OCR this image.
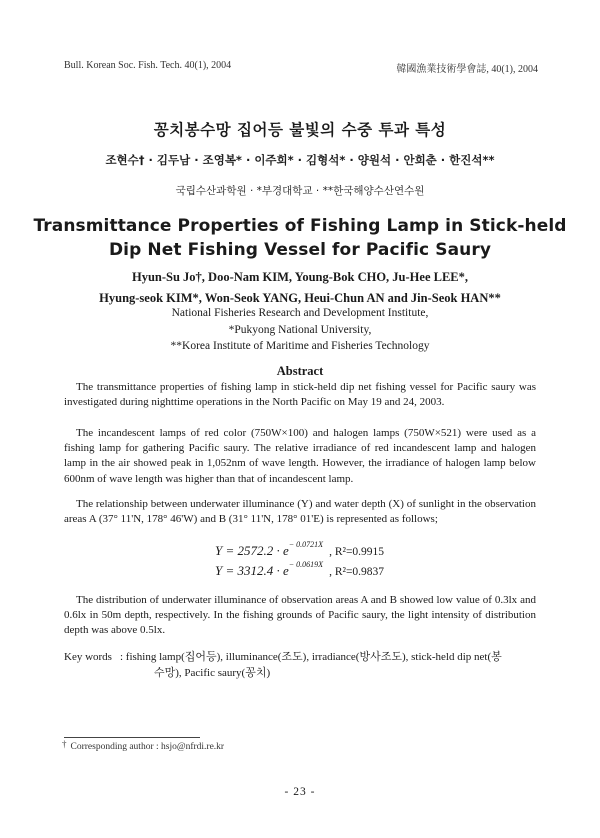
Bull. Korean Soc. Fish. Tech. 40(1), 2004	韓國漁業技術學會誌, 40(1), 2004
꽁치봉수망 집어등 불빛의 수중 투과 특성
조현수† · 김두남 · 조영복* · 이주희* · 김형석* · 양원석 · 안희춘 · 한진석**
국립수산과학원 · *부경대학교 · **한국해양수산연수원
Transmittance Properties of Fishing Lamp in Stick-held
Dip Net Fishing Vessel for Pacific Saury
Hyun-Su Jo†, Doo-Nam KIM, Young-Bok CHO, Ju-Hee LEE*,
Hyung-seok KIM*, Won-Seok YANG, Heui-Chun AN and Jin-Seok HAN**
National Fisheries Research and Development Institute,
*Pukyong National University,
**Korea Institute of Maritime and Fisheries Technology
Abstract
The transmittance properties of fishing lamp in stick-held dip net fishing vessel for Pacific saury was investigated during nighttime operations in the North Pacific on May 19 and 24, 2003.
The incandescent lamps of red color (750W×100) and halogen lamps (750W×521) were used as a fishing lamp for gathering Pacific saury. The relative irradiance of red incandescent lamp and halogen lamp in the air showed peak in 1,052nm of wave length. However, the irradiance of halogen lamp below 600nm of wave length was higher than that of incandescent lamp.
The relationship between underwater illuminance (Y) and water depth (X) of sunlight in the observation areas A (37° 11'N, 178° 46'W) and B (31° 11'N, 178° 01'E) is represented as follows;
$Y = 2572.2 \cdot e^{- 0.0721X}$, R²=0.9915
$Y = 3312.4 \cdot e^{- 0.0619X}$, R²=0.9837
The distribution of underwater illuminance of observation areas A and B showed low value of 0.3lx and 0.6lx in 50m depth, respectively. In the fishing grounds of Pacific saury, the light intensity of distribution depth was above 0.5lx.
Key words : fishing lamp(집어등), illuminance(조도), irradiance(방사조도), stick-held dip net(봉
수망), Pacific saury(꽁치)
† Corresponding author : hsjo@nfrdi.re.kr
- 23 -
